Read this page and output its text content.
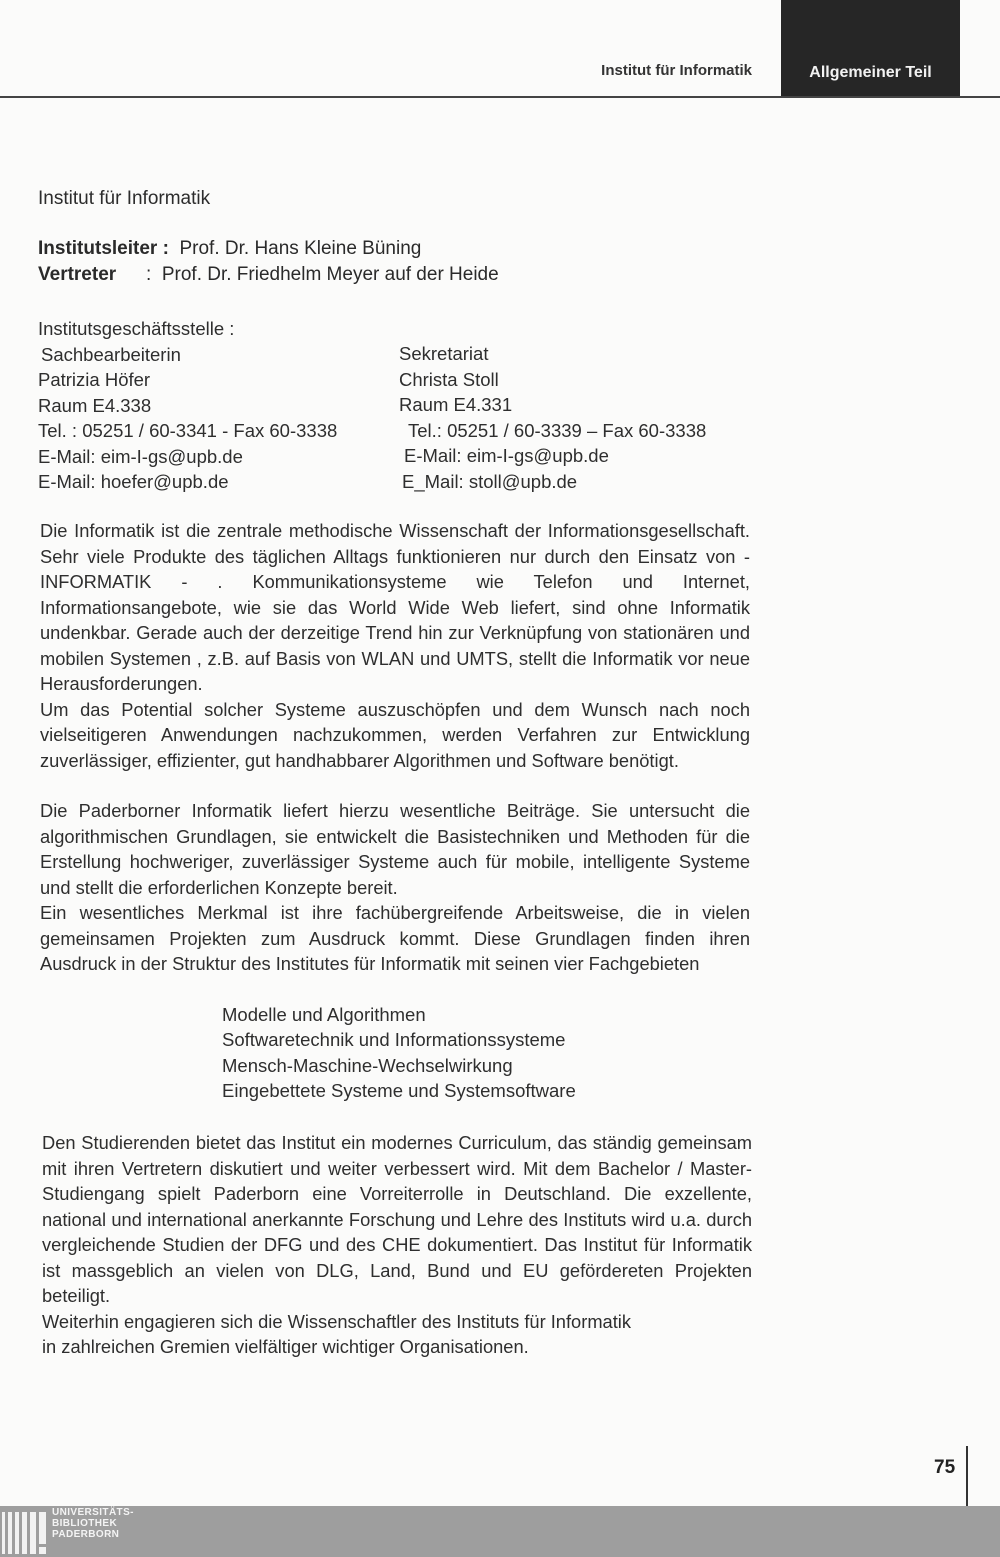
Institut für Informatik	Allgemeiner Teil
Institut für Informatik
Institutsleiter :  Prof. Dr. Hans Kleine Büning
Vertreter :  Prof. Dr. Friedhelm Meyer auf der Heide
Institutsgeschäftsstelle :
Sachbearbeiterin
Patrizia Höfer
Raum E4.338
Tel. : 05251 / 60-3341 - Fax 60-3338
E-Mail: eim-I-gs@upb.de
E-Mail: hoefer@upb.de
Sekretariat
Christa Stoll
Raum E4.331
Tel.: 05251 / 60-3339 – Fax 60-3338
E-Mail: eim-I-gs@upb.de
E_Mail: stoll@upb.de

Die Informatik ist die zentrale methodische Wissenschaft der Informationsgesellschaft. Sehr viele Produkte des täglichen Alltags funktionieren nur durch den Einsatz von - INFORMATIK - . Kommunikationsysteme wie Telefon und Internet, Informationsangebote, wie sie das World Wide Web liefert, sind ohne Informatik undenkbar. Gerade auch der derzeitige Trend hin zur Verknüpfung von stationären und mobilen Systemen , z.B. auf Basis von WLAN und UMTS, stellt die Informatik vor neue Herausforderungen.

Um das Potential solcher Systeme auszuschöpfen und dem Wunsch nach noch vielseitigeren Anwendungen nachzukommen, werden Verfahren zur Entwicklung zuverlässiger, effizienter, gut handhabbarer Algorithmen und Software benötigt.

Die Paderborner Informatik liefert hierzu wesentliche Beiträge. Sie untersucht die algorithmischen Grundlagen, sie entwickelt die Basistechniken und Methoden für die Erstellung hochweriger, zuverlässiger Systeme auch für mobile, intelligente Systeme und stellt die erforderlichen Konzepte bereit.

Ein wesentliches Merkmal ist ihre fachübergreifende Arbeitsweise, die in vielen gemeinsamen Projekten zum Ausdruck kommt. Diese Grundlagen finden ihren Ausdruck in der Struktur des Institutes für Informatik mit seinen vier Fachgebieten

Modelle und Algorithmen
Softwaretechnik und Informationssysteme
Mensch-Maschine-Wechselwirkung
Eingebettete Systeme und Systemsoftware

Den Studierenden bietet das Institut ein modernes Curriculum, das ständig gemeinsam mit ihren Vertretern diskutiert und weiter verbessert wird. Mit dem Bachelor / Master-Studiengang spielt Paderborn eine Vorreiterrolle in Deutschland. Die exzellente, national und international anerkannte Forschung und Lehre des Instituts wird u.a. durch vergleichende Studien der DFG und des CHE dokumentiert. Das Institut für Informatik ist massgeblich an vielen von DLG, Land, Bund und EU gefördereten Projekten beteiligt.

Weiterhin engagieren sich die Wissenschaftler des Instituts für Informatik

in zahlreichen Gremien vielfältiger wichtiger Organisationen.

75
UNIVERSITÄTS-
BIBLIOTHEK
PADERBORN
